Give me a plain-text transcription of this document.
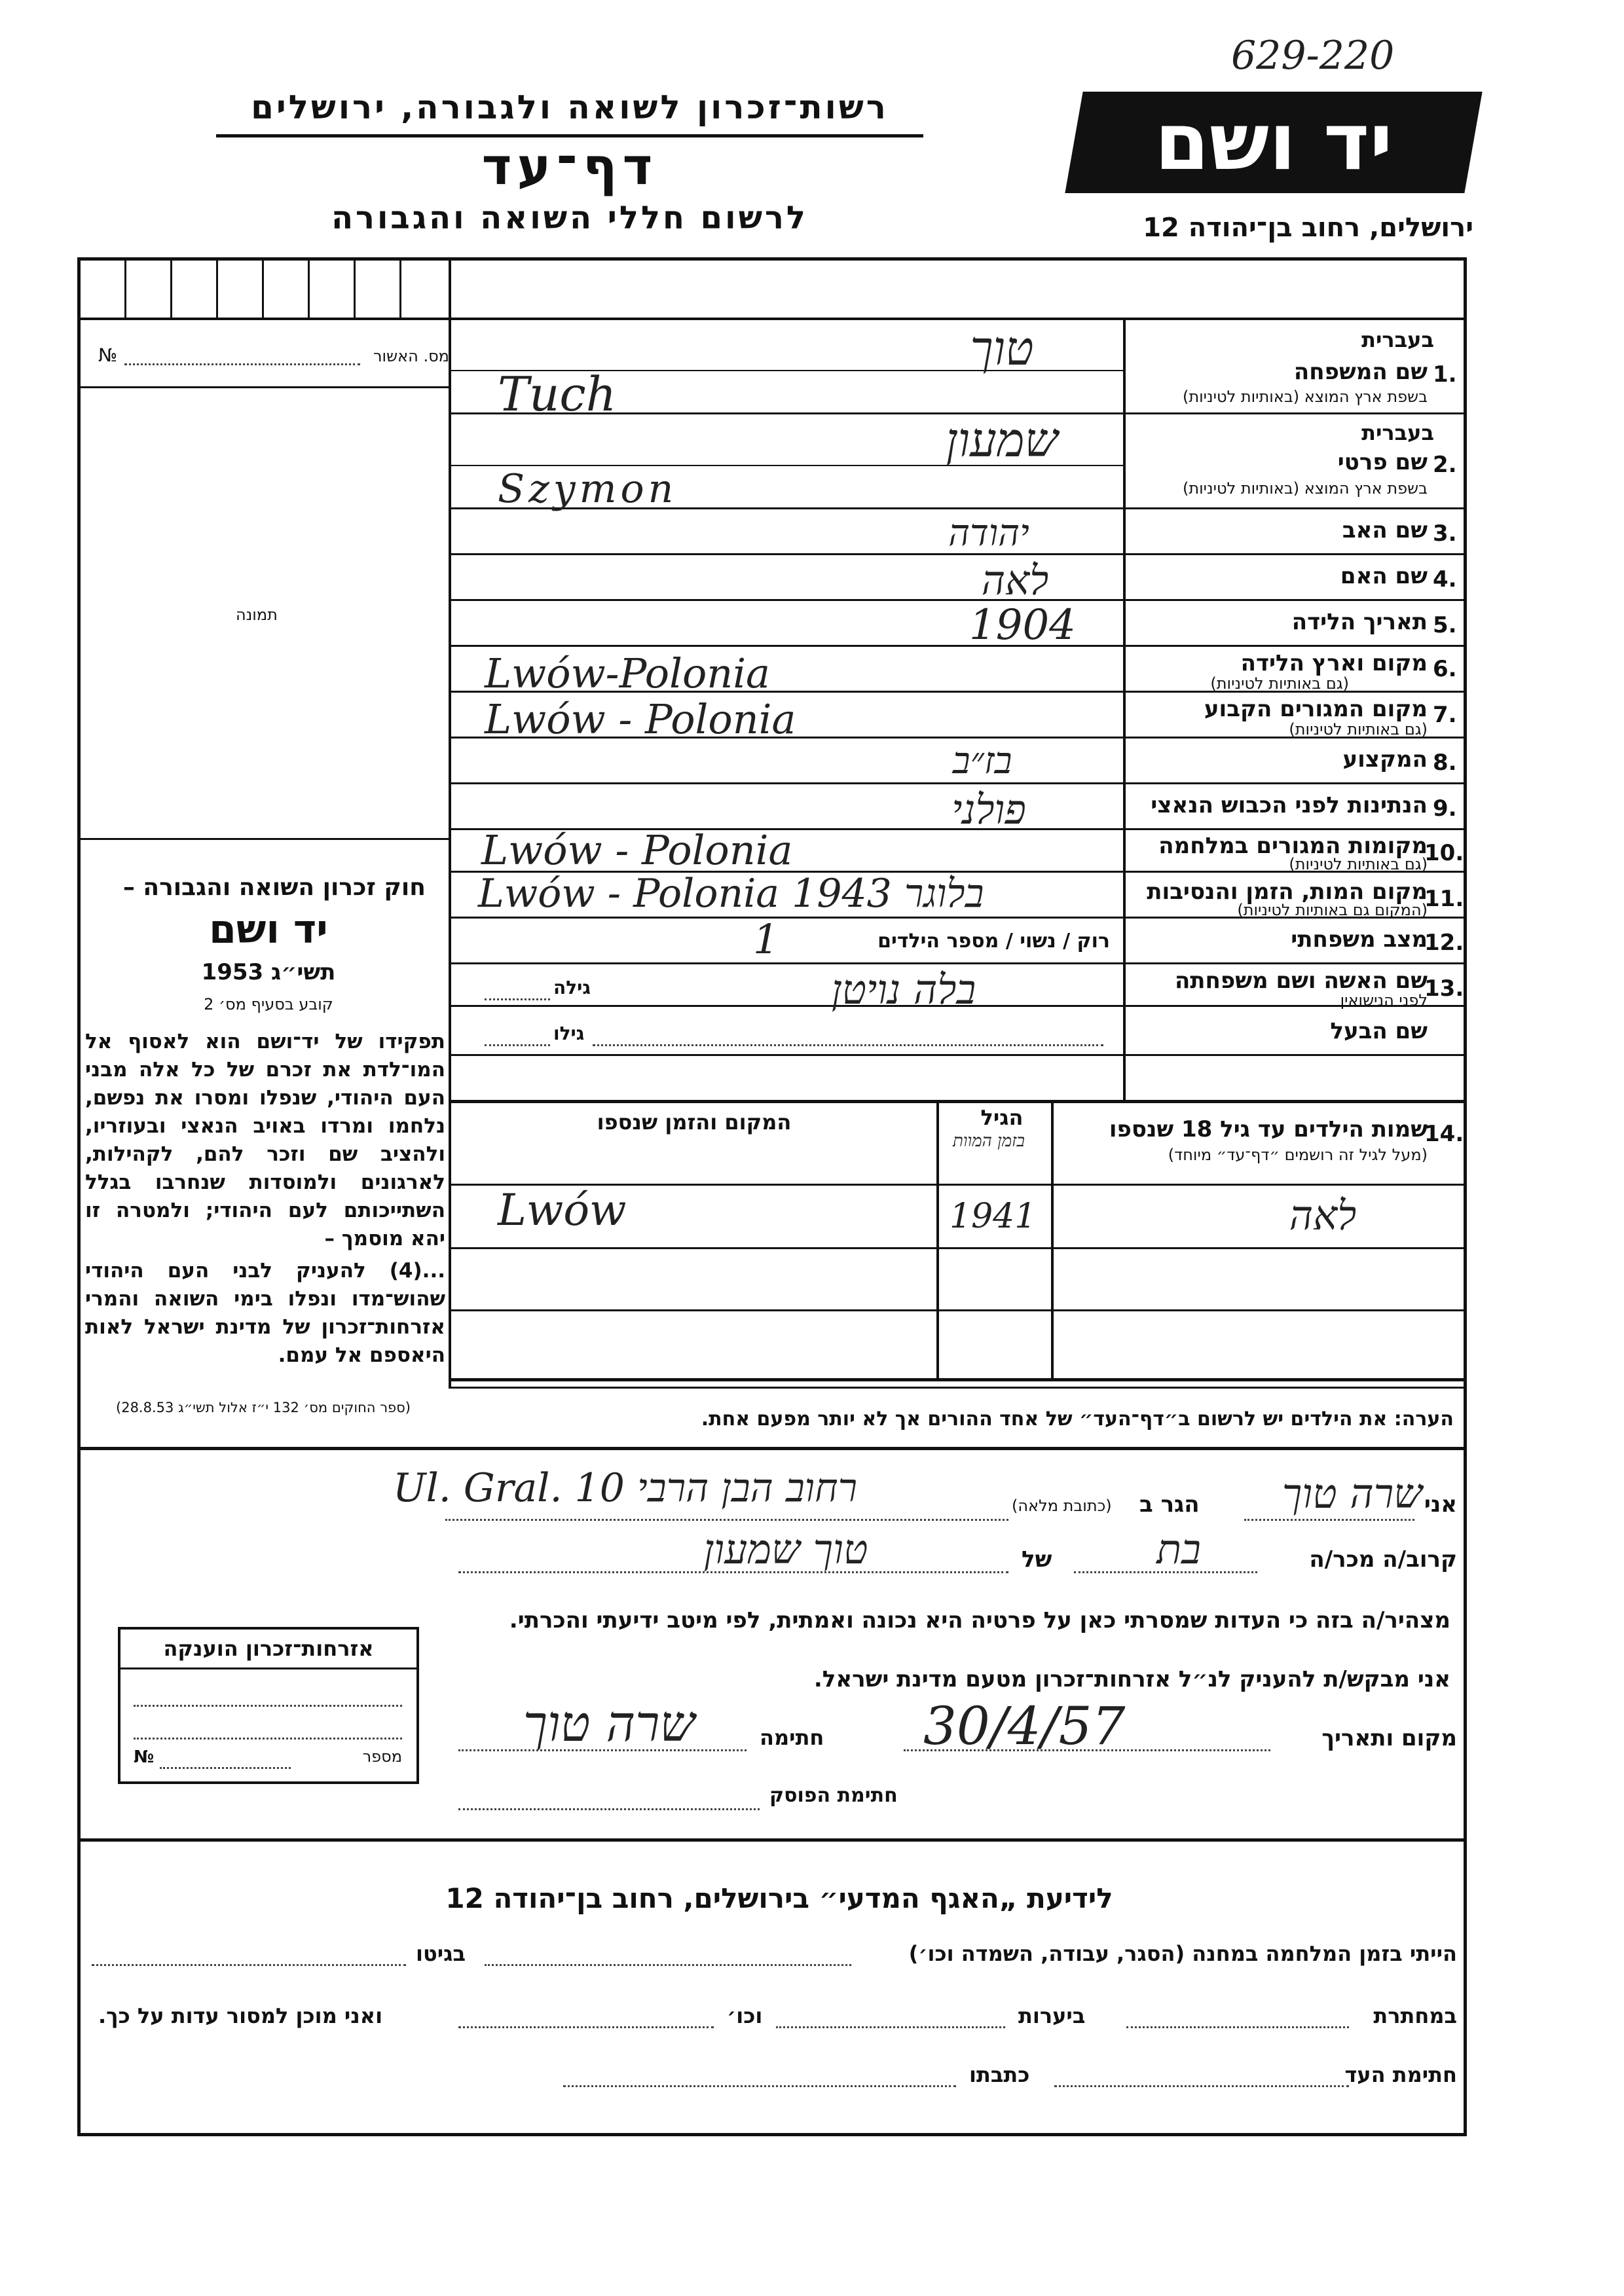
629-220
יד ושם
ירושלים, רחוב בן־יהודה 12
רשות־זכרון לשואה ולגבורה, ירושלים
דף־עד
לרשום חללי השואה והגבורה
מס. האשור
№
תמונה
חוק זכרון השואה והגבורה –
יד ושם
תשי״ג 1953
קובע בסעיף מס׳ 2
תפקידו של יד־ושם הוא לאסוף אל המו־לדת את זכרם של כל אלה מבני העם היהודי, שנפלו ומסרו את נפשם, נלחמו ומרדו באויב הנאצי ובעוזריו, ולהציב שם וזכר להם, לקהילות, לארגונים ולמוסדות שנחרבו בגלל השתייכותם לעם היהודי; ולמטרה זו יהא מוסמך –
...(4) להעניק לבני העם היהודי שהוש־מדו ונפלו בימי השואה והמרי אזרחות־זכרון של מדינת ישראל לאות היאספם אל עמם.
(ספר החוקים מס׳ 132 י״ז אלול תשי״ג 28.8.53)
בעברית
1.
שם המשפחה
בשפת ארץ המוצא (באותיות לטיניות)
טוך
Tuch
בעברית
2.
שם פרטי
בשפת ארץ המוצא (באותיות לטיניות)
שמעון
Szymon
3.
שם האב
יהודה
4.
שם האם
לאה
5.
תאריך הלידה
1904
6.
מקום וארץ הלידה
(גם באותיות לטיניות)
Lwów-Polonia
7.
מקום המגורים הקבוע
(גם באותיות לטיניות)
Lwów - Polonia
8.
המקצוע
בז״ב
9.
הנתינות לפני הכבוש הנאצי
פולני
10.
מקומות המגורים במלחמה
(גם באותיות לטיניות)
Lwów - Polonia
11.
מקום המות, הזמן והנסיבות
(המקום גם באותיות לטיניות)
Lwów - Polonia 1943 בלוגר
12.
מצב משפחתי
רוק / נשוי / מספר הילדים
1
13.
שם האשה ושם משפחתה
לפני הנישואין
בלה נויטן
גילה
שם הבעל
גילו
14.
שמות הילדים עד גיל 18 שנספו
(מעל לגיל זה רושמים ״דף־עד״ מיוחד)
הגיל
בזמן המוות
המקום והזמן שנספו
לאה
1941
Lwów
הערה: את הילדים יש לרשום ב״דף־העד״ של אחד ההורים אך לא יותר מפעם אחת.
אני
שרה טוך
הגר ב
(כתובת מלאה)
Ul. Gral. רחוב הבן הרבי 10
קרוב/ה מכר/ה
בת
של
טוך שמעון
מצהיר/ה בזה כי העדות שמסרתי כאן על פרטיה היא נכונה ואמתית, לפי מיטב ידיעתי והכרתי.
אני מבקש/ת להעניק לנ״ל אזרחות־זכרון מטעם מדינת ישראל.
מקום ותאריך
30/4/57
חתימה
שרה טוך
חתימת הפוסק
אזרחות־זכרון הוענקה
מספר
№
לידיעת „האגף המדעי״ בירושלים, רחוב בן־יהודה 12
הייתי בזמן המלחמה במחנה (הסגר, עבודה, השמדה וכו׳)
בגיטו
במחתרת
ביערות
וכו׳
ואני מוכן למסור עדות על כך.
חתימת העד
כתבתו
